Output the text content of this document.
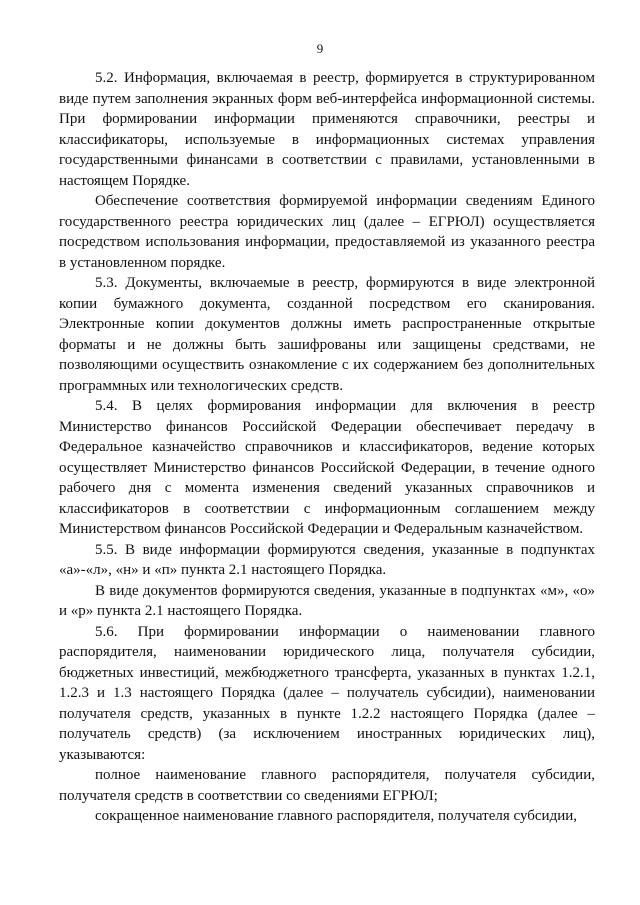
9

5.2. Информация, включаемая в реестр, формируется в структурированном виде путем заполнения экранных форм веб-интерфейса информационной системы. При формировании информации применяются справочники, реестры и классификаторы, используемые в информационных системах управления государственными финансами в соответствии с правилами, установленными в настоящем Порядке.

Обеспечение соответствия формируемой информации сведениям Единого государственного реестра юридических лиц (далее – ЕГРЮЛ) осуществляется посредством использования информации, предоставляемой из указанного реестра в установленном порядке.

5.3. Документы, включаемые в реестр, формируются в виде электронной копии бумажного документа, созданной посредством его сканирования. Электронные копии документов должны иметь распространенные открытые форматы и не должны быть зашифрованы или защищены средствами, не позволяющими осуществить ознакомление с их содержанием без дополнительных программных или технологических средств.

5.4. В целях формирования информации для включения в реестр Министерство финансов Российской Федерации обеспечивает передачу в Федеральное казначейство справочников и классификаторов, ведение которых осуществляет Министерство финансов Российской Федерации, в течение одного рабочего дня с момента изменения сведений указанных справочников и классификаторов в соответствии с информационным соглашением между Министерством финансов Российской Федерации и Федеральным казначейством.

5.5. В виде информации формируются сведения, указанные в подпунктах «а»-«л», «н» и «п» пункта 2.1 настоящего Порядка.

В виде документов формируются сведения, указанные в подпунктах «м», «о» и «р» пункта 2.1 настоящего Порядка.

5.6. При формировании информации о наименовании главного распорядителя, наименовании юридического лица, получателя субсидии, бюджетных инвестиций, межбюджетного трансферта, указанных в пунктах 1.2.1, 1.2.3 и 1.3 настоящего Порядка (далее – получатель субсидии), наименовании получателя средств, указанных в пункте 1.2.2 настоящего Порядка (далее – получатель средств) (за исключением иностранных юридических лиц), указываются:

полное наименование главного распорядителя, получателя субсидии, получателя средств в соответствии со сведениями ЕГРЮЛ;

сокращенное наименование главного распорядителя, получателя субсидии,
